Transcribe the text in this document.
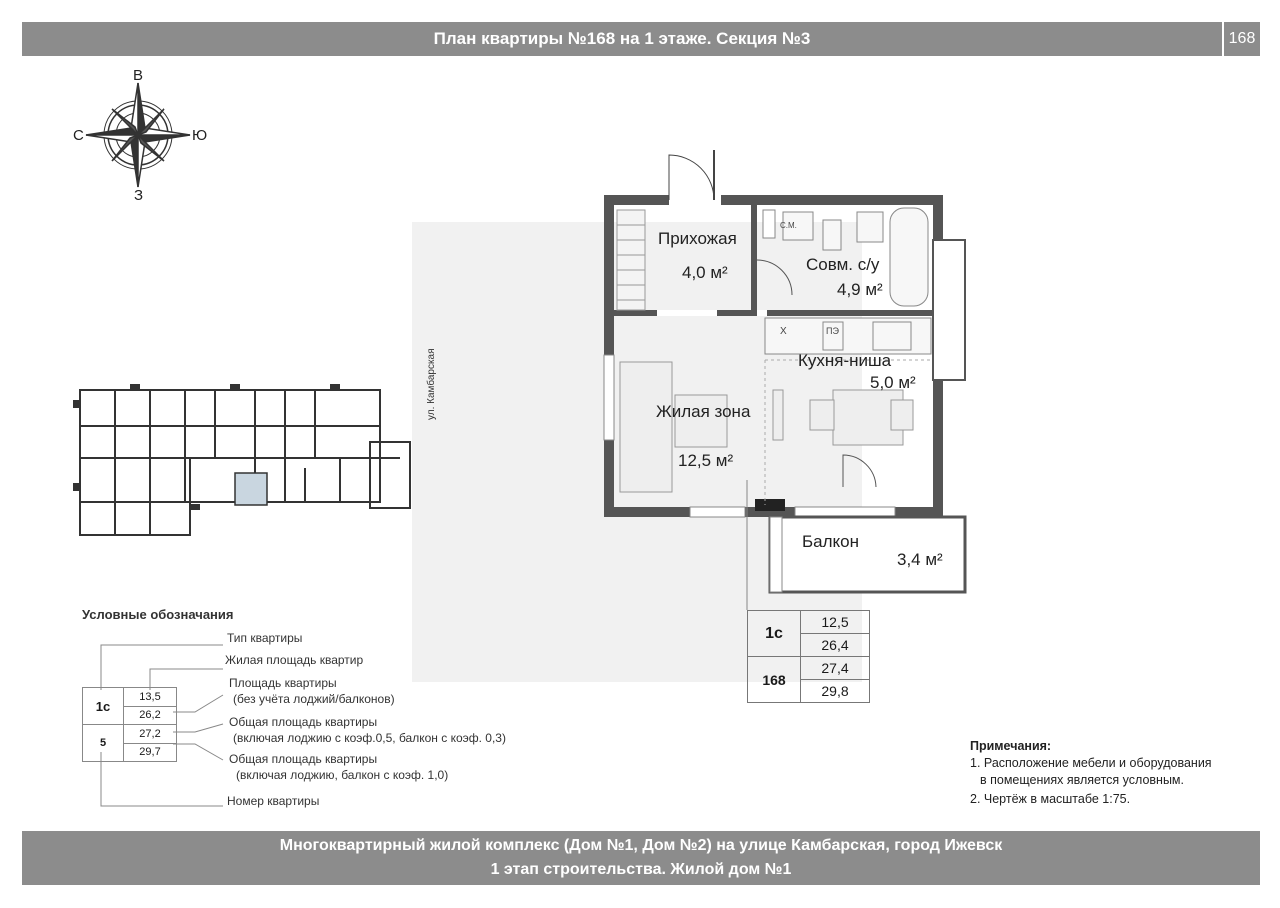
План квартиры №168 на 1 этаже. Секция №3	168
В
З
С	Ю
ул. Камбарская
С.М.
ПЭ
Х
Прихожая
4,0 м²	Совм. с/у
4,9 м²
Кухня-ниша
5,0 м²
Жилая зона
12,5 м²
Балкон
3,4 м²
1с	12,5
	26,4
168	27,4
	29,8
Условные обозначания
1с	13,5
	26,2
5	27,2
	29,7
Тип квартиры
Жилая площадь квартир
Площадь квартиры
(без учёта лоджий/балконов)
Общая площадь квартиры
(включая лоджию с коэф.0,5, балкон с коэф. 0,3)
Общая площадь квартиры
(включая лоджию, балкон с коэф. 1,0)
Номер квартиры
Примечания:
1. Расположение мебели и оборудования
в помещениях является условным.
2. Чертёж в масштабе 1:75.
Многоквартирный жилой комплекс (Дом №1, Дом №2) на улице Камбарская, город Ижевск
1 этап строительства. Жилой дом №1
